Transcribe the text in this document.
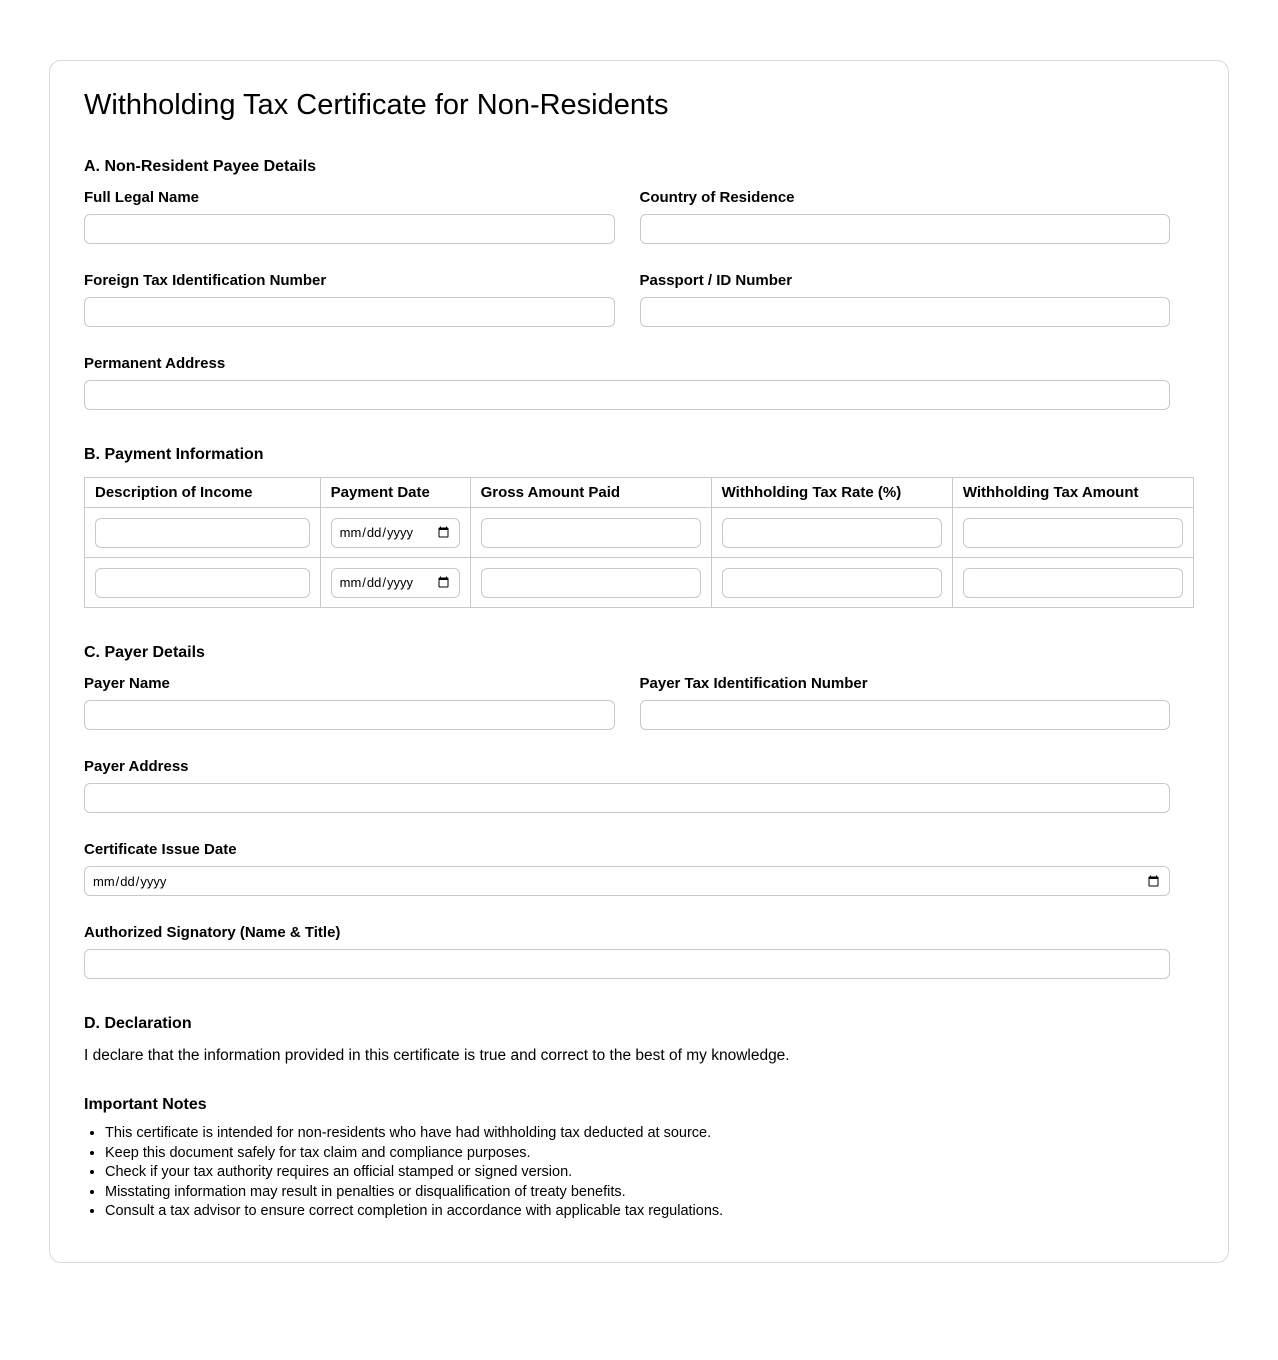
Withholding Tax Certificate for Non-Residents
A. Non-Resident Payee Details
Full Legal Name	Country of Residence
Foreign Tax Identification Number	Passport / ID Number
Permanent Address
B. Payment Information
Description of Income	Payment Date	Gross Amount Paid	Withholding Tax Rate (%)	Withholding Tax Amount
	mm/dd/yyyy			
	mm/dd/yyyy			
C. Payer Details
Payer Name	Payer Tax Identification Number
Payer Address
Certificate Issue Date
mm/dd/yyyy
Authorized Signatory (Name & Title)
D. Declaration

I declare that the information provided in this certificate is true and correct to the best of my knowledge.

Important Notes
• This certificate is intended for non-residents who have had withholding tax deducted at source.
• Keep this document safely for tax claim and compliance purposes.
• Check if your tax authority requires an official stamped or signed version.
• Misstating information may result in penalties or disqualification of treaty benefits.
• Consult a tax advisor to ensure correct completion in accordance with applicable tax regulations.
